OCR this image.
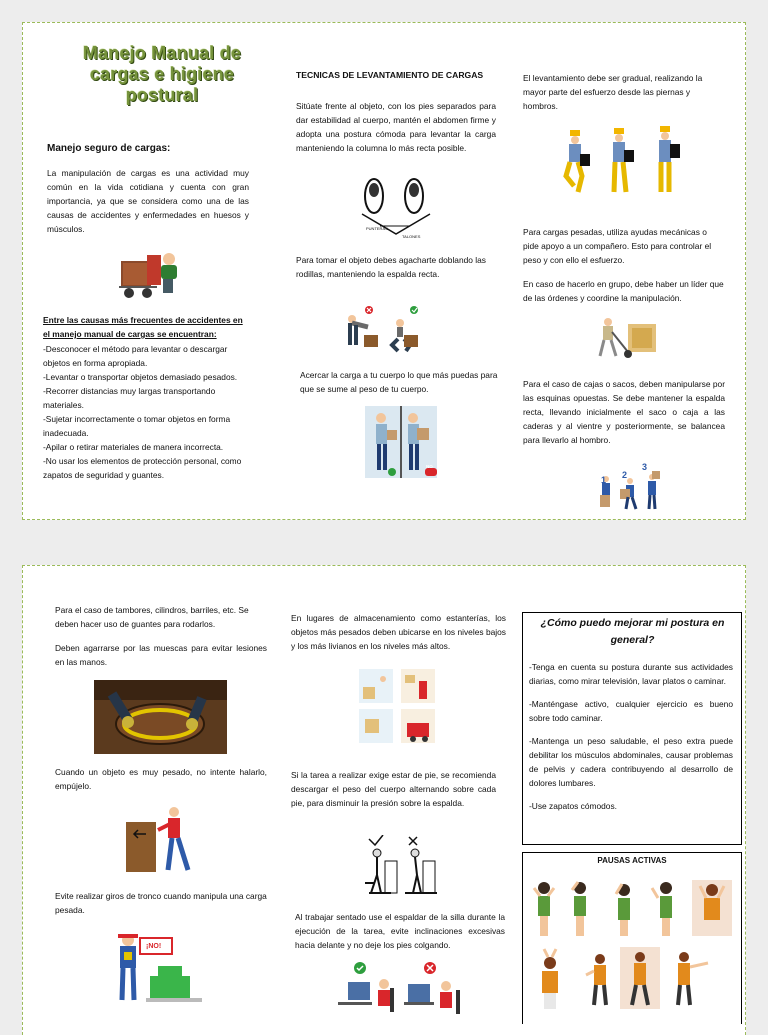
Manejo Manual de cargas e higiene postural
Manejo seguro de cargas:
La manipulación de cargas es una actividad muy común en la vida cotidiana y cuenta con gran importancia, ya que se considera como una de las causas de accidentes y enfermedades en huesos y músculos.
Entre las causas más frecuentes de accidentes en el manejo manual de cargas se encuentran:
-Desconocer el método para levantar o descargar objetos en forma apropiada.
-Levantar o transportar objetos demasiado pesados.
-Recorrer distancias muy largas transportando materiales.
-Sujetar incorrectamente o tomar objetos en forma inadecuada.
-Apilar o retirar materiales de manera incorrecta.
-No usar los elementos de protección personal, como zapatos de seguridad y guantes.
TECNICAS DE LEVANTAMIENTO DE CARGAS
Sitúate frente al objeto, con los pies separados para dar estabilidad al cuerpo, mantén el abdomen firme y adopta una postura cómoda para levantar la carga manteniendo la columna lo más recta posible.
PUNTERAS
TALONES
Para tomar el objeto debes agacharte doblando las rodillas, manteniendo la espalda recta.
Acercar la carga a tu cuerpo lo que más puedas para que se sume al peso de tu cuerpo.
NO
El levantamiento debe ser gradual, realizando la mayor parte del esfuerzo desde las piernas y hombros.
Para cargas pesadas, utiliza ayudas mecánicas o pide apoyo a un compañero. Esto para controlar el peso y con ello el esfuerzo.
En caso de hacerlo en grupo, debe haber un líder que de las órdenes y coordine la manipulación.
Para el caso de cajas o sacos, deben manipularse por las esquinas opuestas. Se debe mantener la espalda recta, llevando inicialmente el saco o caja a las caderas y al vientre y posteriormente, se balancea para llevarlo al hombro.
1 2
3
Para el caso de tambores, cilindros, barriles, etc. Se deben hacer uso de guantes para rodarlos.
Deben agarrarse por las muescas para evitar lesiones en las manos.
Cuando un objeto es muy pesado, no intente halarlo, empújelo.
Evite realizar giros de tronco cuando manipula una carga pesada.
¡NO!
En lugares de almacenamiento como estanterías, los objetos más pesados deben ubicarse en los niveles bajos y los más livianos en los niveles más altos.
Si la tarea a realizar exige estar de pie, se recomienda descargar el peso del cuerpo alternando sobre cada pie, para disminuir la presión sobre la espalda.
Al trabajar sentado use el espaldar de la silla durante la ejecución de la tarea, evite inclinaciones excesivas hacia delante y no deje los pies colgando.
¿Cómo puedo mejorar mi postura en general?
-Tenga en cuenta su postura durante sus actividades diarias, como mirar televisión, lavar platos o caminar.
-Manténgase activo, cualquier ejercicio es bueno sobre todo caminar.
-Mantenga un peso saludable, el peso extra puede debilitar los músculos abdominales, causar problemas de pelvis y cadera contribuyendo al desarrollo de dolores lumbares.
-Use zapatos cómodos.
PAUSAS ACTIVAS
